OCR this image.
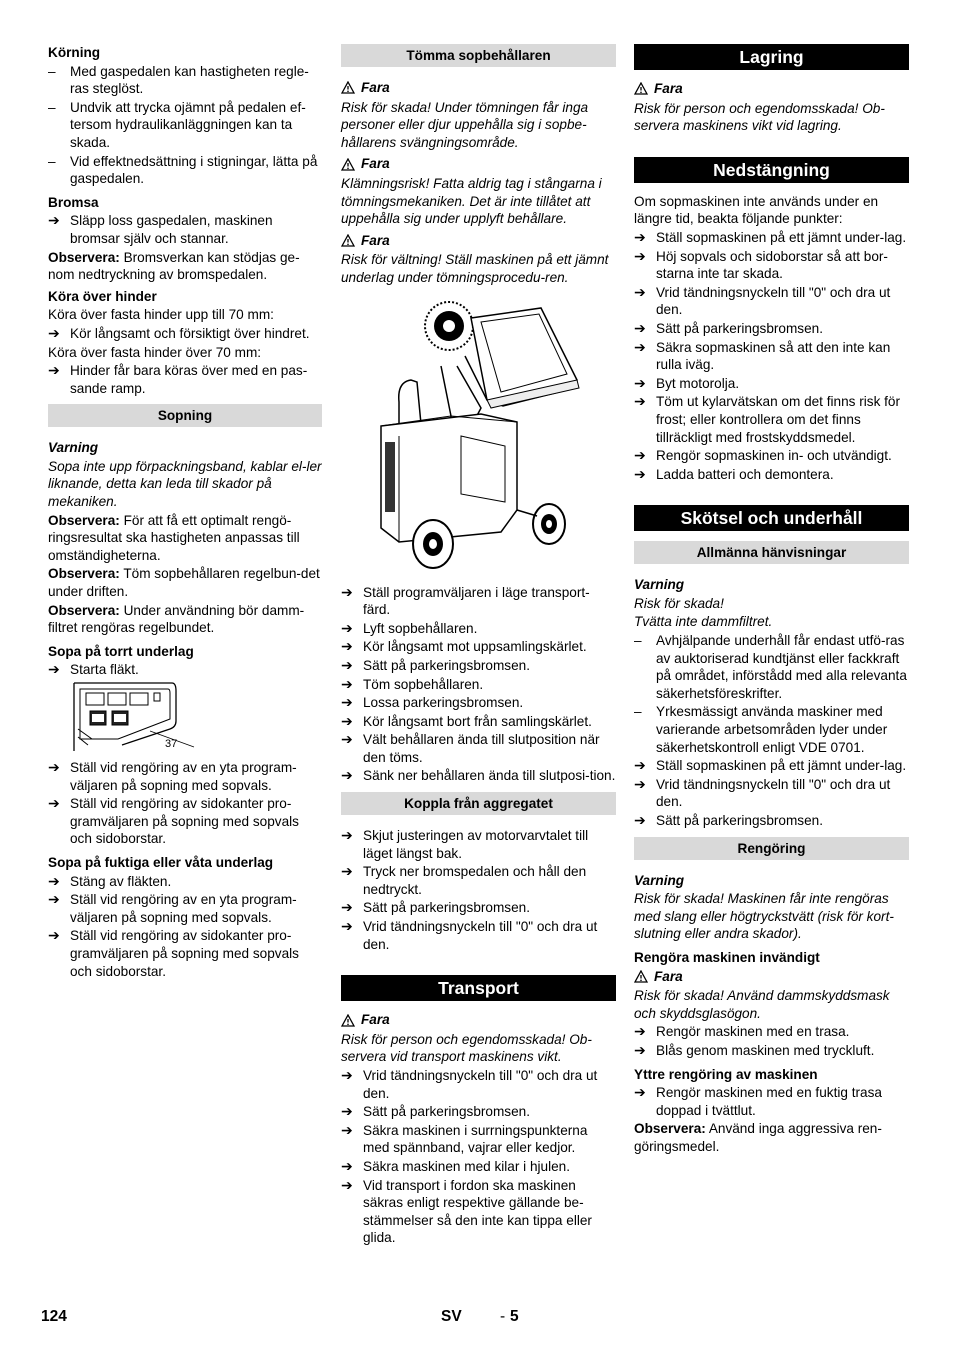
Körning
–	Med gaspedalen kan hastigheten regle-ras steglöst.
–	Undvik att trycka ojämnt på pedalen ef-tersom hydraulikanläggningen kan ta skada.
–	Vid effektnedsättning i stigningar, lätta på gaspedalen.
Bromsa
➔ Släpp loss gaspedalen, maskinen bromsar själv och stannar.
Observera: Bromsverkan kan stödjas ge-nom nedtryckning av bromspedalen.
Köra över hinder
Köra över fasta hinder upp till 70 mm:
➔ Kör långsamt och försiktigt över hindret.
Köra över fasta hinder över 70 mm:
➔ Hinder får bara köras över med en pas-sande ramp.
Sopning
Varning
Sopa inte upp förpackningsband, kablar el-ler liknande, detta kan leda till skador på mekaniken.
Observera: För att få ett optimalt rengö-ringsresultat ska hastigheten anpassas till omständigheterna.
Observera: Töm sopbehållaren regelbun-det under driften.
Observera: Under användning bör damm-filtret rengöras regelbundet.
Sopa på torrt underlag
➔ Starta fläkt.
37
➔ Ställ vid rengöring av en yta program-väljaren på sopning med sopvals.
➔ Ställ vid rengöring av sidokanter pro-gramväljaren på sopning med sopvals och sidoborstar.
Sopa på fuktiga eller våta underlag
➔ Stäng av fläkten.
➔ Ställ vid rengöring av en yta program-väljaren på sopning med sopvals.
➔ Ställ vid rengöring av sidokanter pro-gramväljaren på sopning med sopvals och sidoborstar.
Tömma sopbehållaren
Fara
Risk för skada! Under tömningen får inga personer eller djur uppehålla sig i sopbe-hållarens svängningsområde.
Fara
Klämningsrisk! Fatta aldrig tag i stångarna i tömningsmekaniken. Det är inte tillåtet att uppehålla sig under upplyft behållare.
Fara
Risk för vältning! Ställ maskinen på ett jämnt underlag under tömningsprocedu-ren.
➔ Ställ programväljaren i läge transport-färd.
➔ Lyft sopbehållaren.
➔ Kör långsamt mot uppsamlingskärlet.
➔ Sätt på parkeringsbromsen.
➔ Töm sopbehållaren.
➔ Lossa parkeringsbromsen.
➔ Kör långsamt bort från samlingskärlet.
➔ Vält behållaren ända till slutposition när den töms.
➔ Sänk ner behållaren ända till slutposi-tion.
Koppla från aggregatet
➔ Skjut justeringen av motorvarvtalet till läget längst bak.
➔ Tryck ner bromspedalen och håll den nedtryckt.
➔ Sätt på parkeringsbromsen.
➔ Vrid tändningsnyckeln till "0" och dra ut den.
Transport
Fara
Risk för person och egendomsskada! Ob-servera vid transport maskinens vikt.
➔ Vrid tändningsnyckeln till "0" och dra ut den.
➔ Sätt på parkeringsbromsen.
➔ Säkra maskinen i surrningspunkterna med spännband, vajrar eller kedjor.
➔ Säkra maskinen med kilar i hjulen.
➔ Vid transport i fordon ska maskinen säkras enligt respektive gällande be-stämmelser så den inte kan tippa eller glida.
Lagring
Fara
Risk för person och egendomsskada! Ob-servera maskinens vikt vid lagring.
Nedstängning
Om sopmaskinen inte används under en längre tid, beakta följande punkter:
➔ Ställ sopmaskinen på ett jämnt under-lag.
➔ Höj sopvals och sidoborstar så att bor-starna inte tar skada.
➔ Vrid tändningsnyckeln till "0" och dra ut den.
➔ Sätt på parkeringsbromsen.
➔ Säkra sopmaskinen så att den inte kan rulla iväg.
➔ Byt motorolja.
➔ Töm ut kylarvätskan om det finns risk för frost; eller kontrollera om det finns tillräckligt med frostskyddsmedel.
➔ Rengör sopmaskinen in- och utvändigt.
➔ Ladda batteri och demontera.
Skötsel och underhåll
Allmänna hänvisningar
Varning
Risk för skada!
Tvätta inte dammfiltret.
–	Avhjälpande underhåll får endast utfö-ras av auktoriserad kundtjänst eller fackkraft på området, införstådd med alla relevanta säkerhetsföreskrifter.
–	Yrkesmässigt använda maskiner med varierande arbetsområden lyder under säkerhetskontroll enligt VDE 0701.
➔ Ställ sopmaskinen på ett jämnt under-lag.
➔ Vrid tändningsnyckeln till "0" och dra ut den.
➔ Sätt på parkeringsbromsen.
Rengöring
Varning
Risk för skada! Maskinen får inte rengöras med slang eller högtryckstvätt (risk för kort-slutning eller andra skador).
Rengöra maskinen invändigt
Fara
Risk för skada! Använd dammskyddsmask och skyddsglasögon.
➔ Rengör maskinen med en trasa.
➔ Blås genom maskinen med tryckluft.
Yttre rengöring av maskinen
➔ Rengör maskinen med en fuktig trasa doppad i tvättlut.
Observera: Använd inga aggressiva ren-göringsmedel.
124	SV - 5
